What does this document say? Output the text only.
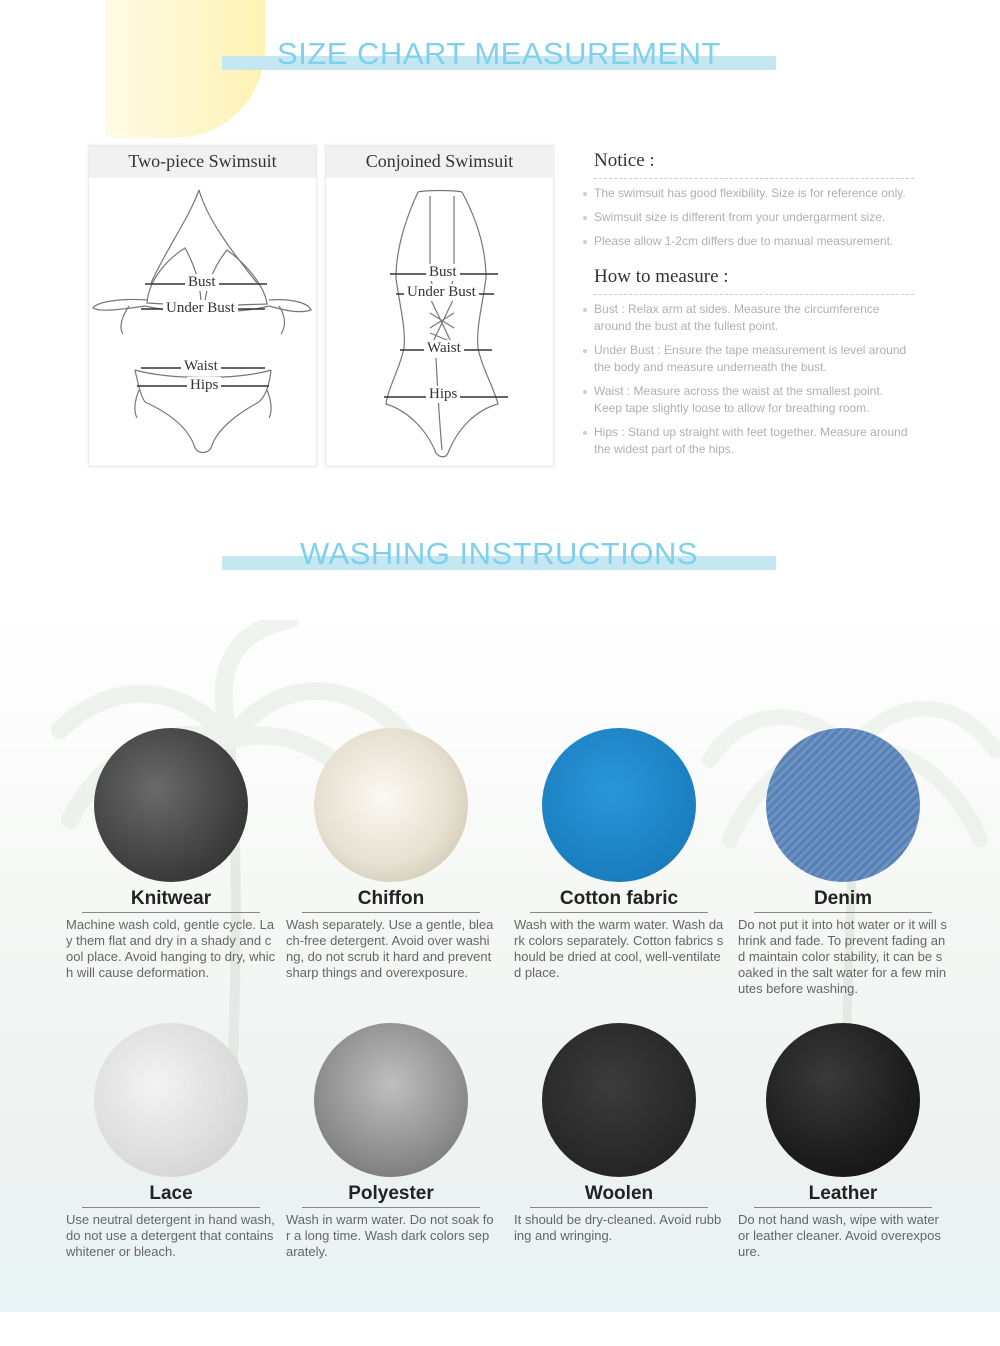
SIZE CHART MEASUREMENT
Two-piece Swimsuit
Bust
Under Bust
Waist
Hips
Conjoined Swimsuit
Bust
Under Bust
Waist
Hips
Notice :
The swimsuit has good flexibility. Size is for reference only.
Swimsuit size is different from your undergarment size.
Please allow 1-2cm differs due to manual measurement.
How to measure :
Bust : Relax arm at sides. Measure the circumference around the bust at the fullest point.
Under Bust : Ensure the tape measurement is level around the body and measure underneath the bust.
Waist : Measure across the waist at the smallest point. Keep tape slightly loose to allow for breathing room.
Hips : Stand up straight with feet together. Measure around the widest part of the hips.
WASHING INSTRUCTIONS
Knitwear
Machine wash cold, gentle cycle. Lay them flat and dry in a shady and cool place. Avoid hanging to dry, which will cause deformation.
Chiffon
Wash separately. Use a gentle, bleach-free detergent. Avoid over washing, do not scrub it hard and prevent sharp things and overexposure.
Cotton fabric
Wash with the warm water. Wash dark colors separately. Cotton fabrics should be dried at cool, well-ventilated place.
Denim
Do not put it into hot water or it will shrink and fade. To prevent fading and maintain color stability, it can be soaked in the salt water for a few minutes before washing.
Lace
Use neutral detergent in hand wash, do not use a detergent that contains whitener or bleach.
Polyester
Wash in warm water. Do not soak for a long time. Wash dark colors separately.
Woolen
It should be dry-cleaned. Avoid rubbing and wringing.
Leather
Do not hand wash, wipe with water or leather cleaner. Avoid overexposure.
